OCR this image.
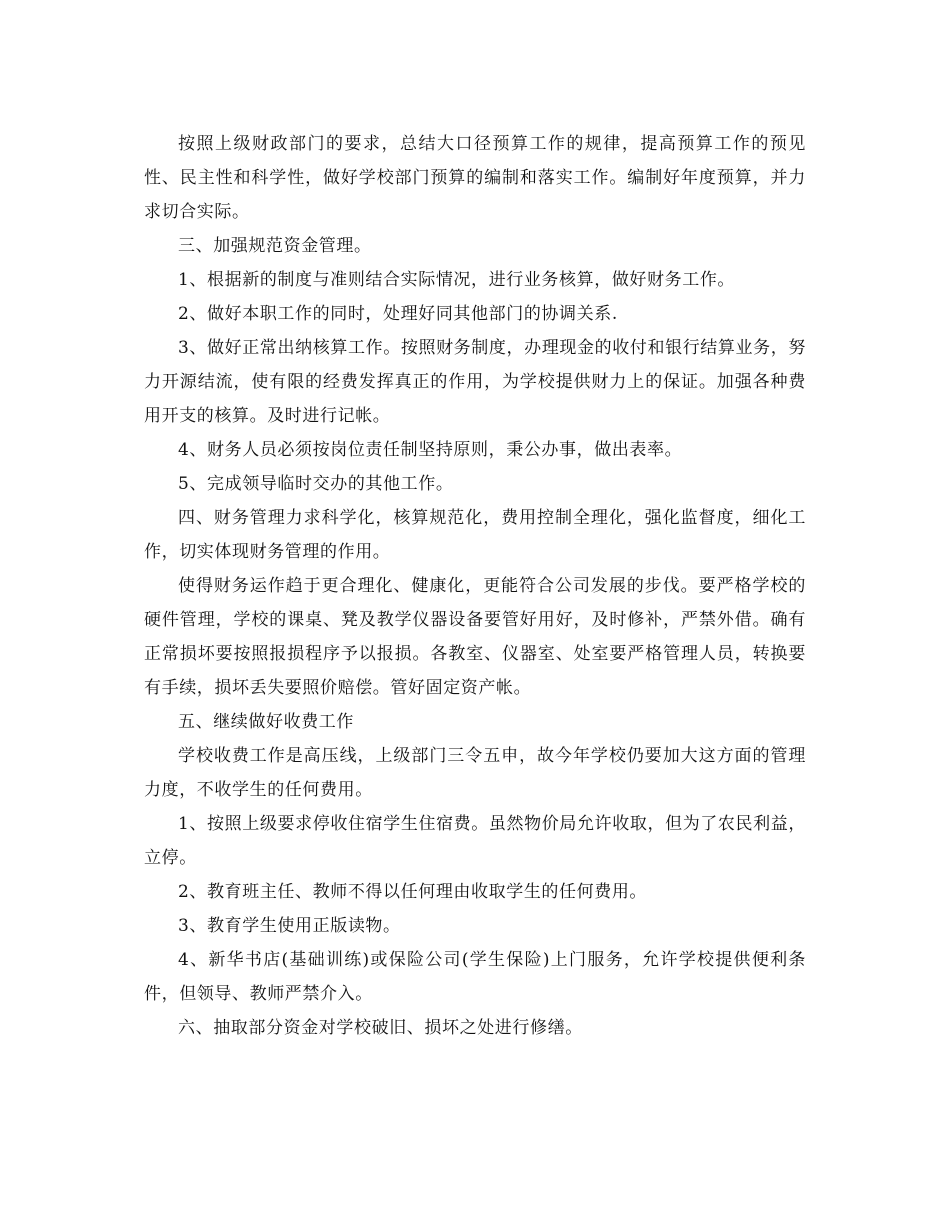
按照上级财政部门的要求，总结大口径预算工作的规律，提高预算工作的预见性、民主性和科学性，做好学校部门预算的编制和落实工作。编制好年度预算，并力求切合实际。

三、加强规范资金管理。

1、根据新的制度与准则结合实际情况，进行业务核算，做好财务工作。

2、做好本职工作的同时，处理好同其他部门的协调关系.

3、做好正常出纳核算工作。按照财务制度，办理现金的收付和银行结算业务，努力开源结流，使有限的经费发挥真正的作用，为学校提供财力上的保证。加强各种费用开支的核算。及时进行记帐。

4、财务人员必须按岗位责任制坚持原则，秉公办事，做出表率。

5、完成领导临时交办的其他工作。

四、财务管理力求科学化，核算规范化，费用控制全理化，强化监督度，细化工作，切实体现财务管理的作用。

使得财务运作趋于更合理化、健康化，更能符合公司发展的步伐。要严格学校的硬件管理，学校的课桌、凳及教学仪器设备要管好用好，及时修补，严禁外借。确有正常损坏要按照报损程序予以报损。各教室、仪器室、处室要严格管理人员，转换要有手续，损坏丢失要照价赔偿。管好固定资产帐。

五、继续做好收费工作

学校收费工作是高压线，上级部门三令五申，故今年学校仍要加大这方面的管理力度，不收学生的任何费用。

1、按照上级要求停收住宿学生住宿费。虽然物价局允许收取，但为了农民利益，立停。

2、教育班主任、教师不得以任何理由收取学生的任何费用。

3、教育学生使用正版读物。

4、新华书店(基础训练)或保险公司(学生保险)上门服务，允许学校提供便利条件，但领导、教师严禁介入。

六、抽取部分资金对学校破旧、损坏之处进行修缮。
